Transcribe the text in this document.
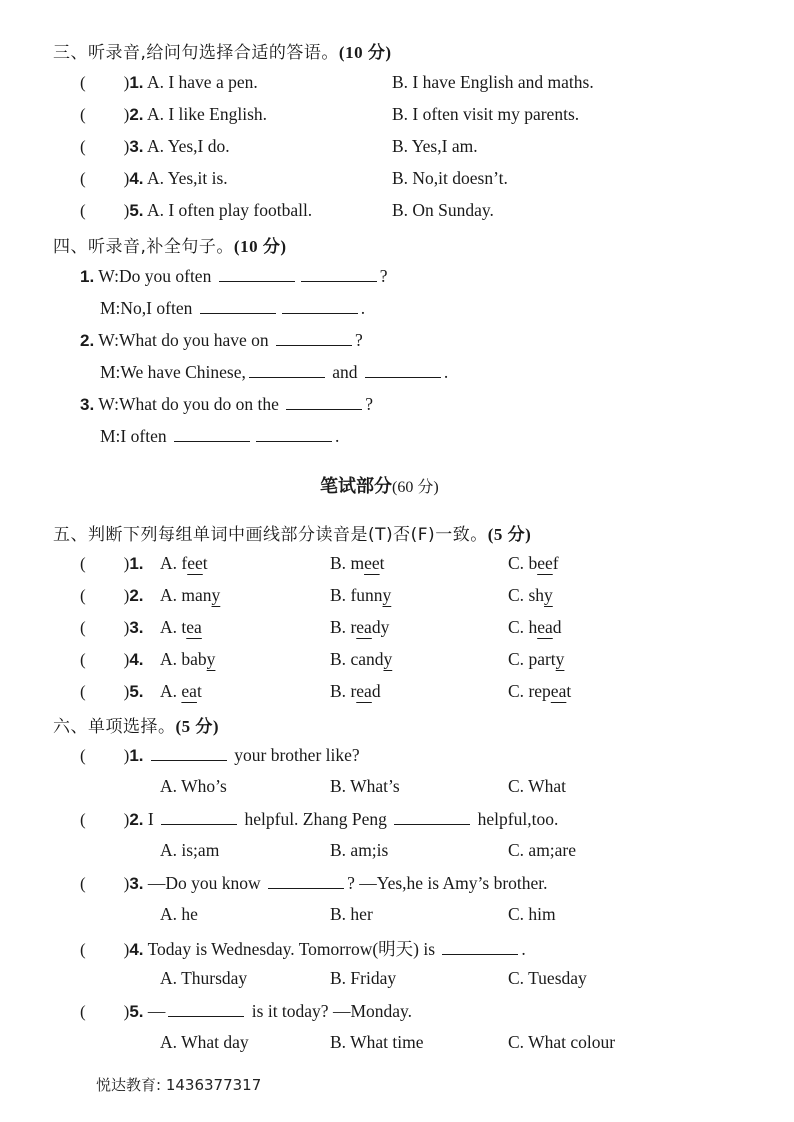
三、听录音,给问句选择合适的答语。(10 分)
( )1. A. I have a pen.	B. I have English and maths.
( )2. A. I like English.	B. I often visit my parents.
( )3. A. Yes,I do.	B. Yes,I am.
( )4. A. Yes,it is.	B. No,it doesn’t.
( )5. A. I often play football.	B. On Sunday.
四、听录音,补全句子。(10 分)
1. W:Do you often	?
M:No,I often	.
2. W:What do you have on	?
M:We have Chinese,	and	.
3. W:What do you do on the	?
M:I often	.
笔试部分(60 分)
五、判断下列每组单词中画线部分读音是(T)否(F)一致。(5 分)
( )1. A. feet	B. meet	C. beef
( )2. A. many	B. funny	C. shy
( )3. A. tea	B. ready	C. head
( )4. A. baby	B. candy	C. party
( )5. A. eat	B. read	C. repeat
六、单项选择。(5 分)
( )1.	your brother like?
A. Who’s	B. What’s	C. What
( )2. I	helpful. Zhang Peng	helpful,too.
A. is;am	B. am;is	C. am;are
( )3. —Do you know	? —Yes,he is Amy’s brother.
A. he	B. her	C. him
( )4. Today is Wednesday. Tomorrow(明天) is	.
A. Thursday	B. Friday	C. Tuesday
( )5. —	is it today? —Monday.
A. What day	B. What time	C. What colour
悦达教育: 1436377317
